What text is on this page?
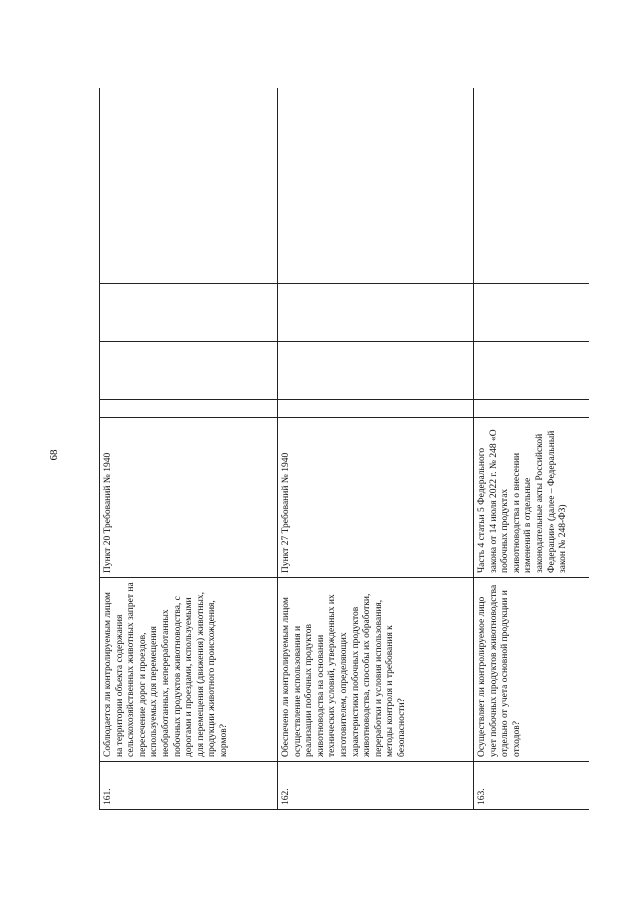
68
161.	Соблюдается ли контролируемым лицом на территории объекта содержания сельскохозяйственных животных запрет на пересечение дорог и проездов, используемых для перемещения необработанных, непереработанных побочных продуктов животноводства, с дорогами и проездами, используемыми для перемещения (движения) животных, продукции животного происхождения, кормов?	Пункт 20 Требований № 1940				
162.	Обеспечено ли контролируемым лицом осуществление использования и реализации побочных продуктов животноводства на основании технических условий, утвержденных их изготовителем, определяющих характеристики побочных продуктов животноводства, способы их обработки, переработки и условия использования, методы контроля и требования к безопасности?	Пункт 27 Требований № 1940				
163.	Осуществляет ли контролируемое лицо учет побочных продуктов животноводства отдельно от учета основной продукции и отходов?	Часть 4 статьи 5 Федерального закона от 14 июля 2022 г. № 248 «О побочных продуктах животноводства и о внесении изменений в отдельные законодательные акты Российской Федерации» (далее – Федеральный закон № 248-ФЗ)				
